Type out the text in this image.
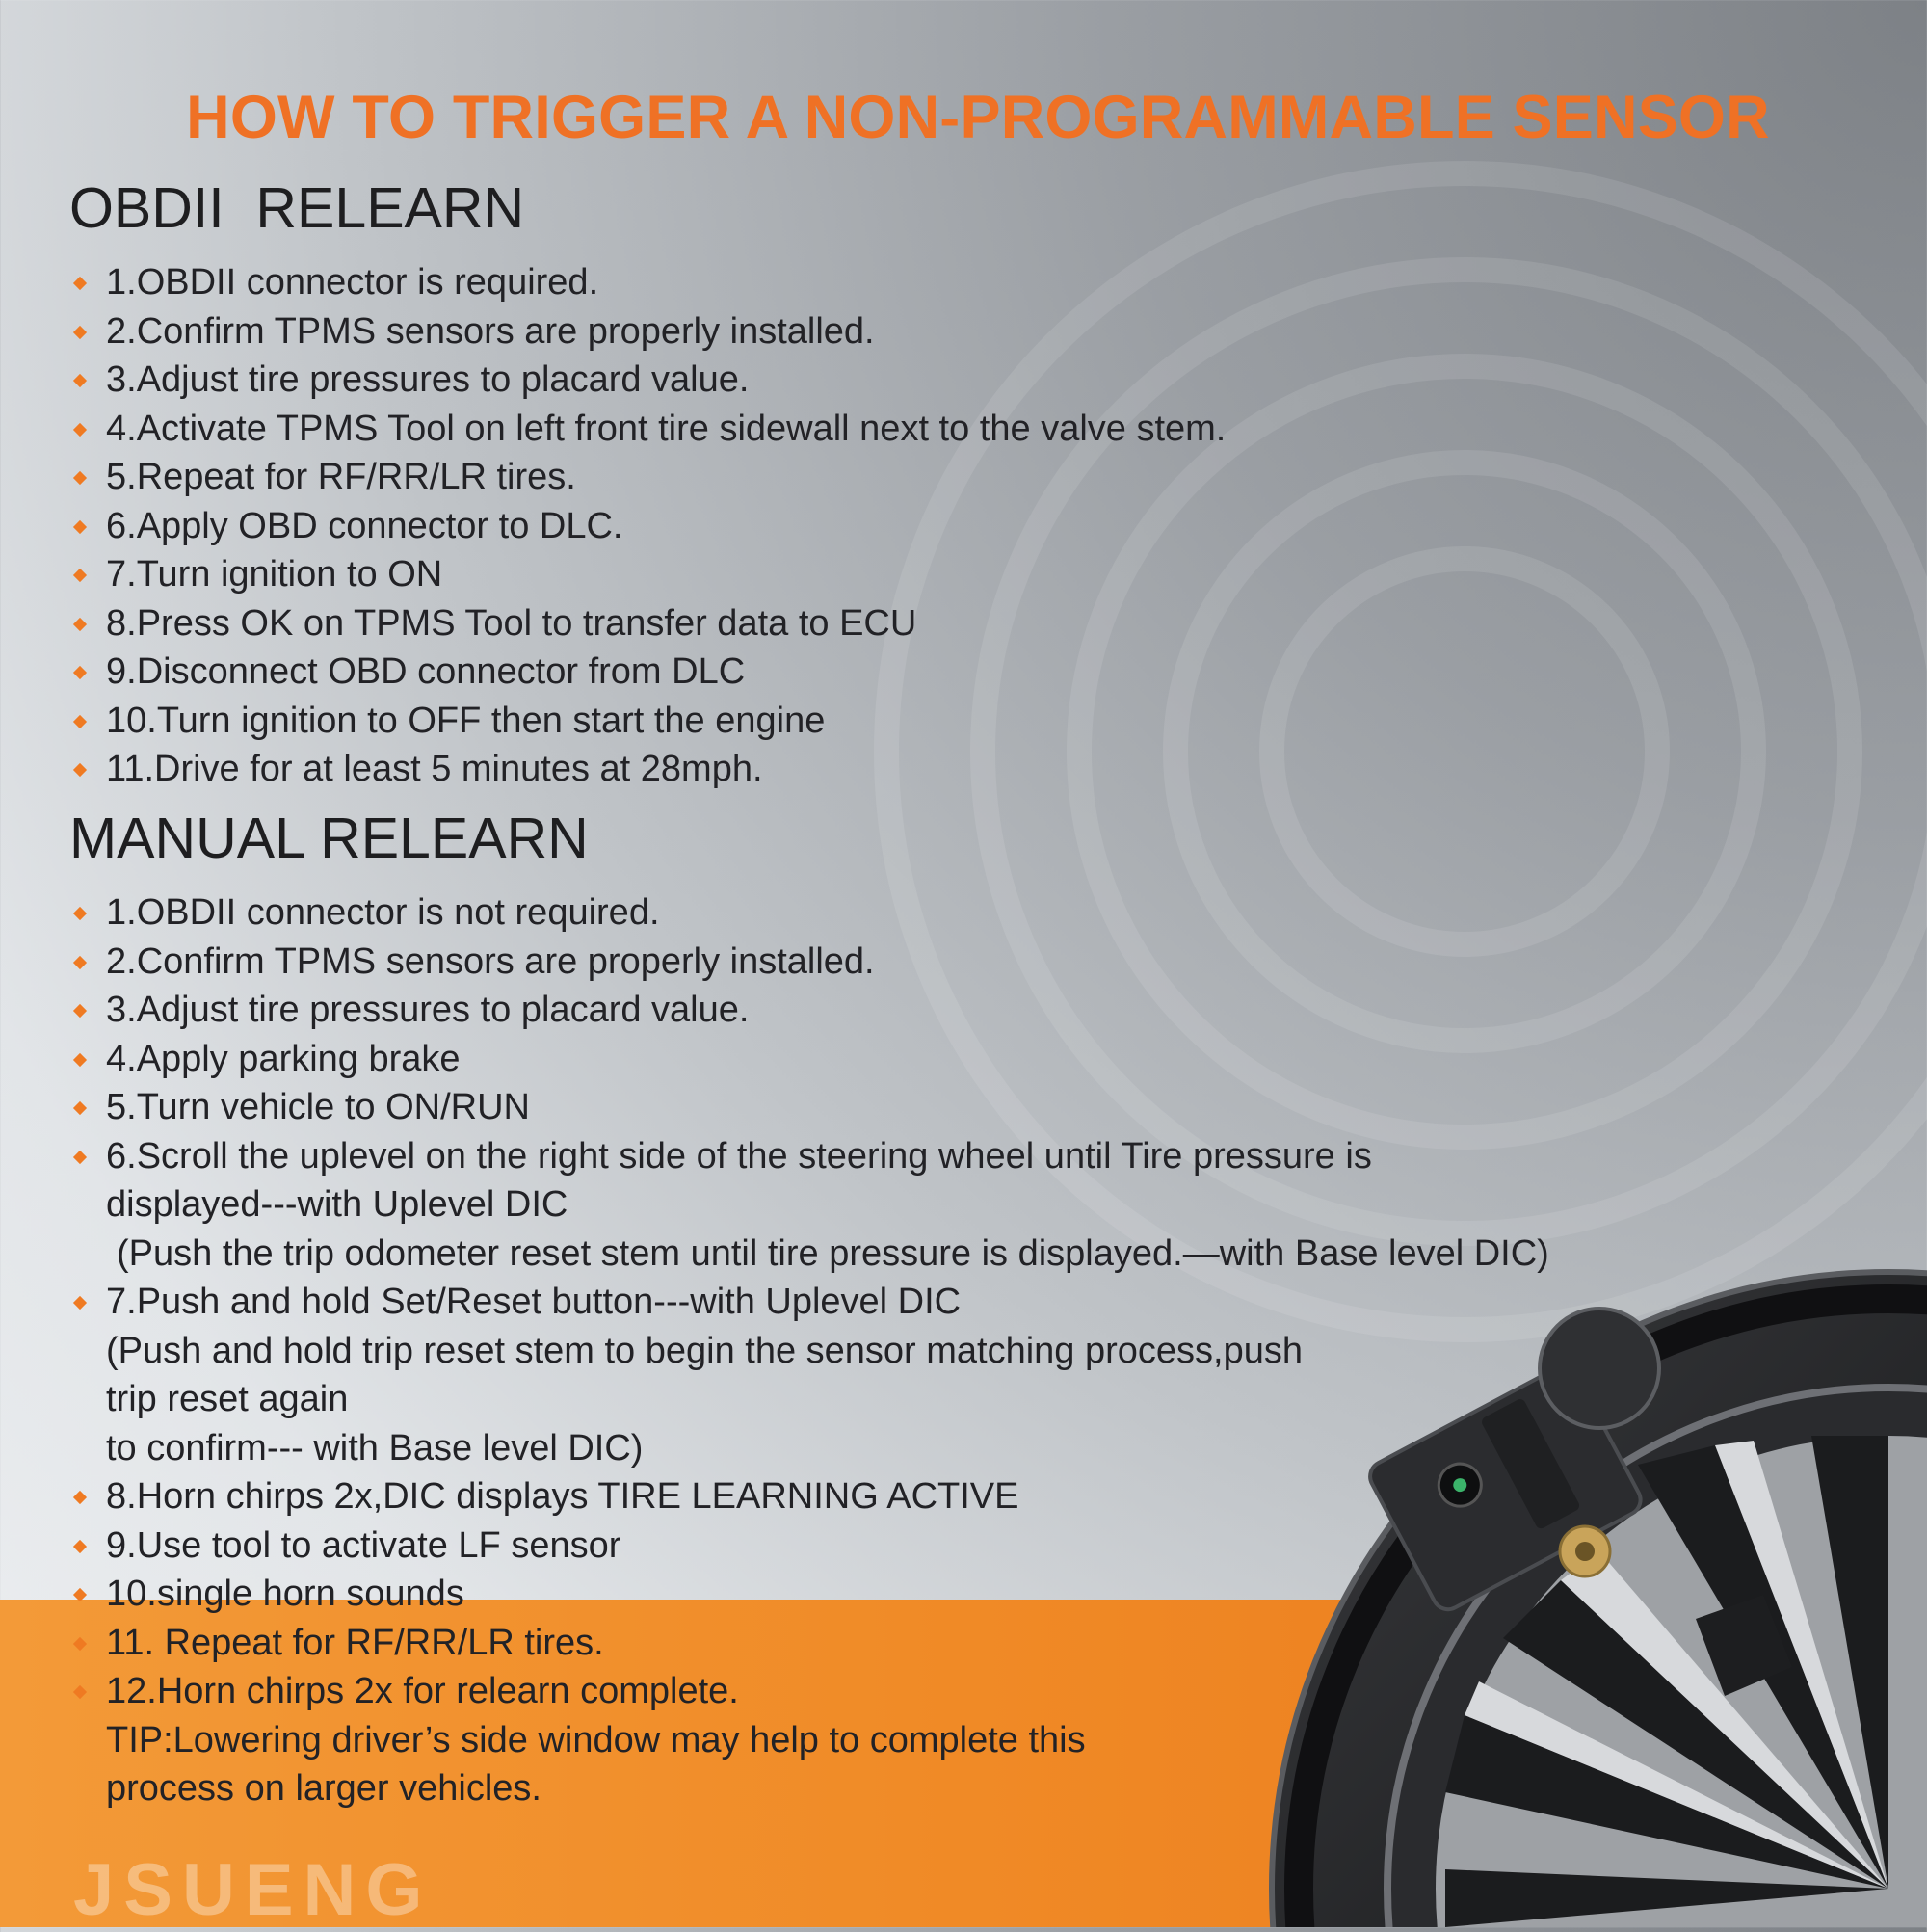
HOW TO TRIGGER A NON-PROGRAMMABLE SENSOR
OBDII  RELEARN
1.OBDII connector is required.
2.Confirm TPMS sensors are properly installed.
3.Adjust tire pressures to placard value.
4.Activate TPMS Tool on left front tire sidewall next to the valve stem.
5.Repeat for RF/RR/LR tires.
6.Apply OBD connector to DLC.
7.Turn ignition to ON
8.Press OK on TPMS Tool to transfer data to ECU
9.Disconnect OBD connector from DLC
10.Turn ignition to OFF then start the engine
11.Drive for at least 5 minutes at 28mph.
MANUAL RELEARN
1.OBDII connector is not required.
2.Confirm TPMS sensors are properly installed.
3.Adjust tire pressures to placard value.
4.Apply parking brake
5.Turn vehicle to ON/RUN
6.Scroll the uplevel on the right side of the steering wheel until Tire pressure is
displayed---with Uplevel DIC
(Push the trip odometer reset stem until tire pressure is displayed.—with Base level DIC)
7.Push and hold Set/Reset button---with Uplevel DIC
(Push and hold trip reset stem to begin the sensor matching process,push
trip reset again
to confirm--- with Base level DIC)
8.Horn chirps 2x,DIC displays TIRE LEARNING ACTIVE
9.Use tool to activate LF sensor
10.single horn sounds
11. Repeat for RF/RR/LR tires.
12.Horn chirps 2x for relearn complete.
TIP:Lowering driver’s side window may help to complete this
process on larger vehicles.
JSUENG
